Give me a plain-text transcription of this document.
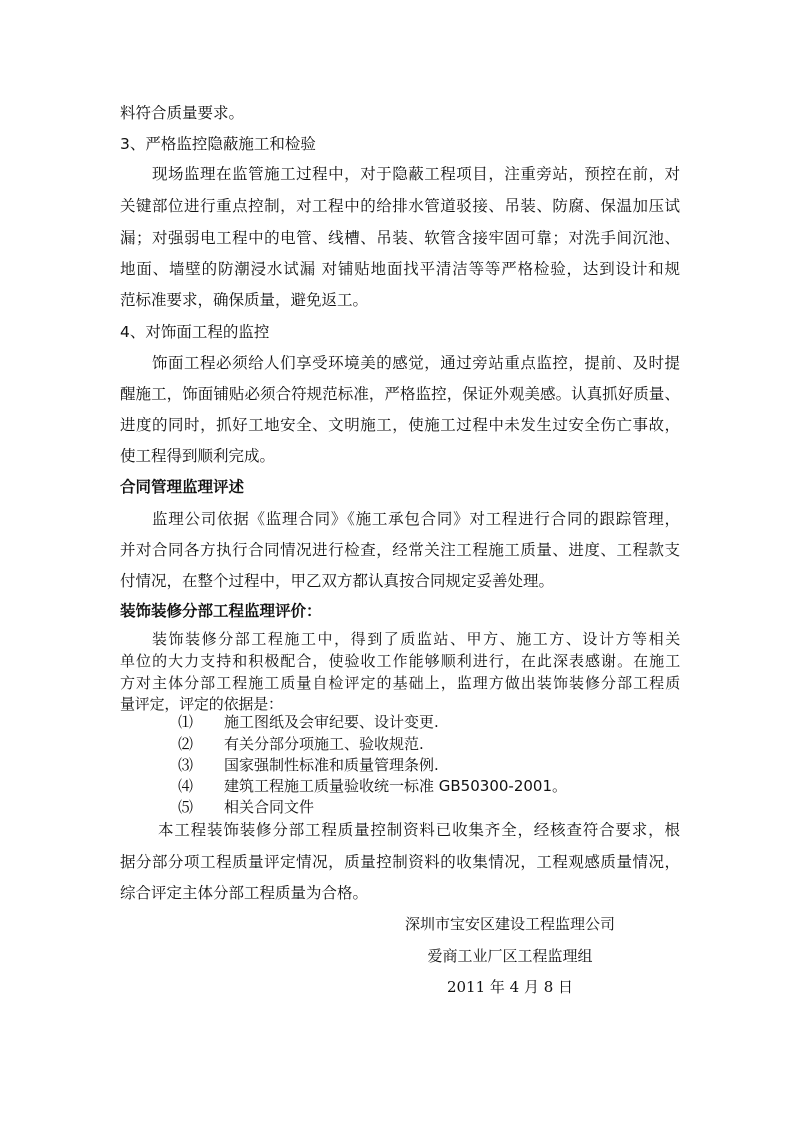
料符合质量要求。
3、严格监控隐蔽施工和检验
现场监理在监管施工过程中，对于隐蔽工程项目，注重旁站，预控在前，对
关键部位进行重点控制，对工程中的给排水管道驳接、吊装、防腐、保温加压试
漏；对强弱电工程中的电管、线槽、吊装、软管含接牢固可靠；对洗手间沉池、
地面、墙壁的防潮浸水试漏 对铺贴地面找平清洁等等严格检验，达到设计和规
范标准要求，确保质量，避免返工。
4、对饰面工程的监控
饰面工程必须给人们享受环境美的感觉，通过旁站重点监控，提前、及时提
醒施工，饰面铺贴必须合符规范标准，严格监控，保证外观美感。认真抓好质量、
进度的同时，抓好工地安全、文明施工，使施工过程中未发生过安全伤亡事故，
使工程得到顺利完成。
合同管理监理评述
监理公司依据《监理合同》《施工承包合同》对工程进行合同的跟踪管理，
并对合同各方执行合同情况进行检查，经常关注工程施工质量、进度、工程款支
付情况，在整个过程中，甲乙双方都认真按合同规定妥善处理。
装饰装修分部工程监理评价：
装饰装修分部工程施工中，得到了质监站、甲方、施工方、设计方等相关
单位的大力支持和积极配合，使验收工作能够顺利进行，在此深表感谢。在施工
方对主体分部工程施工质量自检评定的基础上，监理方做出装饰装修分部工程质
量评定，评定的依据是：
⑴ 施工图纸及会审纪要、设计变更.
⑵ 有关分部分项施工、验收规范.
⑶ 国家强制性标准和质量管理条例.
⑷ 建筑工程施工质量验收统一标准 GB50300-2001。
⑸ 相关合同文件
本工程装饰装修分部工程质量控制资料已收集齐全，经核查符合要求，根
据分部分项工程质量评定情况，质量控制资料的收集情况，工程观感质量情况，
综合评定主体分部工程质量为合格。
深圳市宝安区建设工程监理公司
爱商工业厂区工程监理组
2011 年 4 月 8 日
